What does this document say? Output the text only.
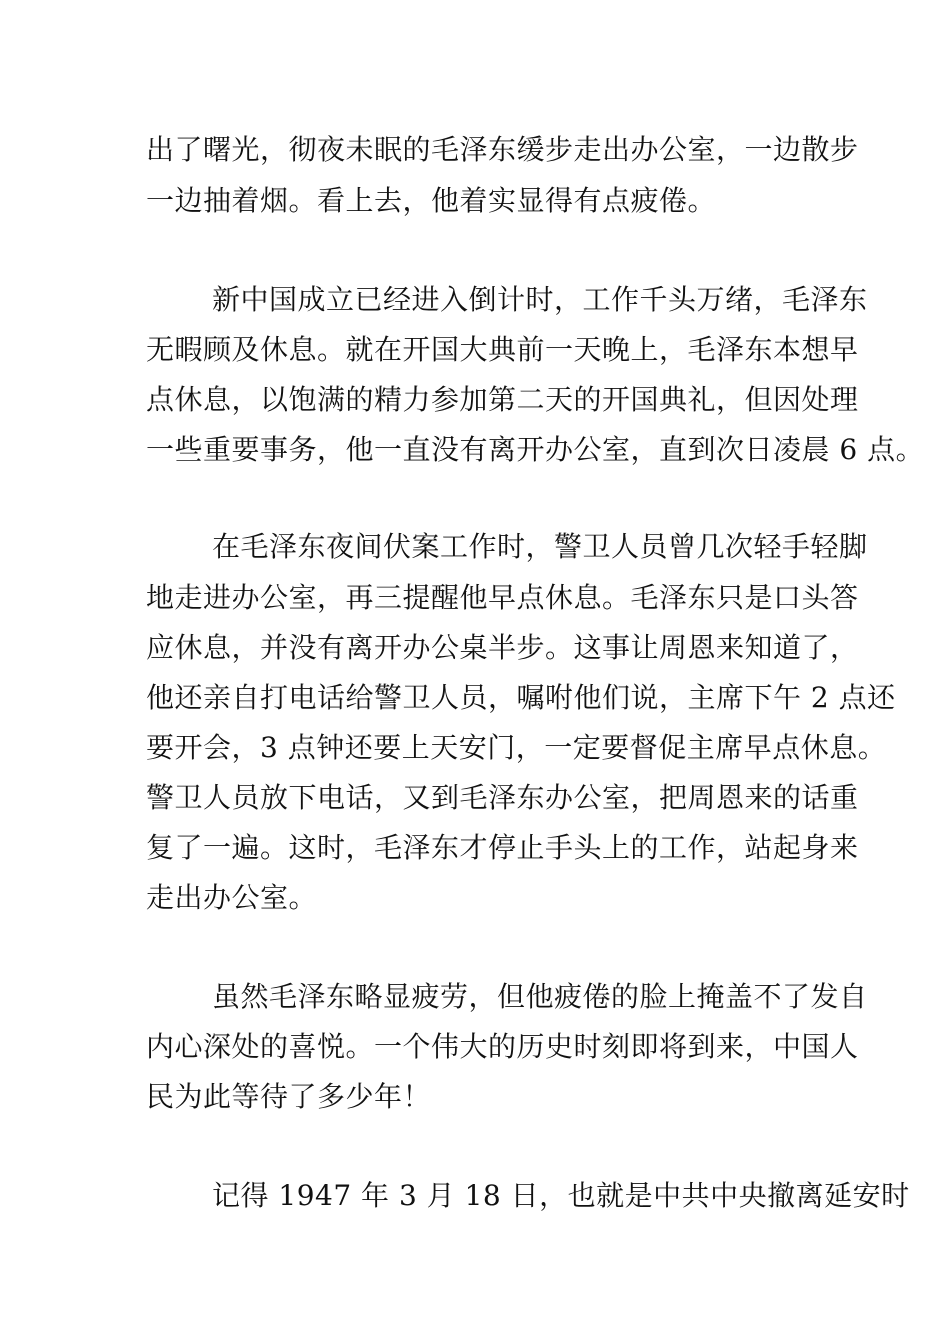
出了曙光，彻夜未眠的毛泽东缓步走出办公室，一边散步

一边抽着烟。看上去，他着实显得有点疲倦。

新中国成立已经进入倒计时，工作千头万绪，毛泽东

无暇顾及休息。就在开国大典前一天晚上，毛泽东本想早

点休息，以饱满的精力参加第二天的开国典礼，但因处理

一些重要事务，他一直没有离开办公室，直到次日凌晨 6 点。

在毛泽东夜间伏案工作时，警卫人员曾几次轻手轻脚

地走进办公室，再三提醒他早点休息。毛泽东只是口头答

应休息，并没有离开办公桌半步。这事让周恩来知道了，

他还亲自打电话给警卫人员，嘱咐他们说，主席下午 2 点还

要开会，3 点钟还要上天安门，一定要督促主席早点休息。

警卫人员放下电话，又到毛泽东办公室，把周恩来的话重

复了一遍。这时，毛泽东才停止手头上的工作，站起身来

走出办公室。

虽然毛泽东略显疲劳，但他疲倦的脸上掩盖不了发自

内心深处的喜悦。一个伟大的历史时刻即将到来，中国人

民为此等待了多少年！

记得 1947 年 3 月 18 日，也就是中共中央撤离延安时
